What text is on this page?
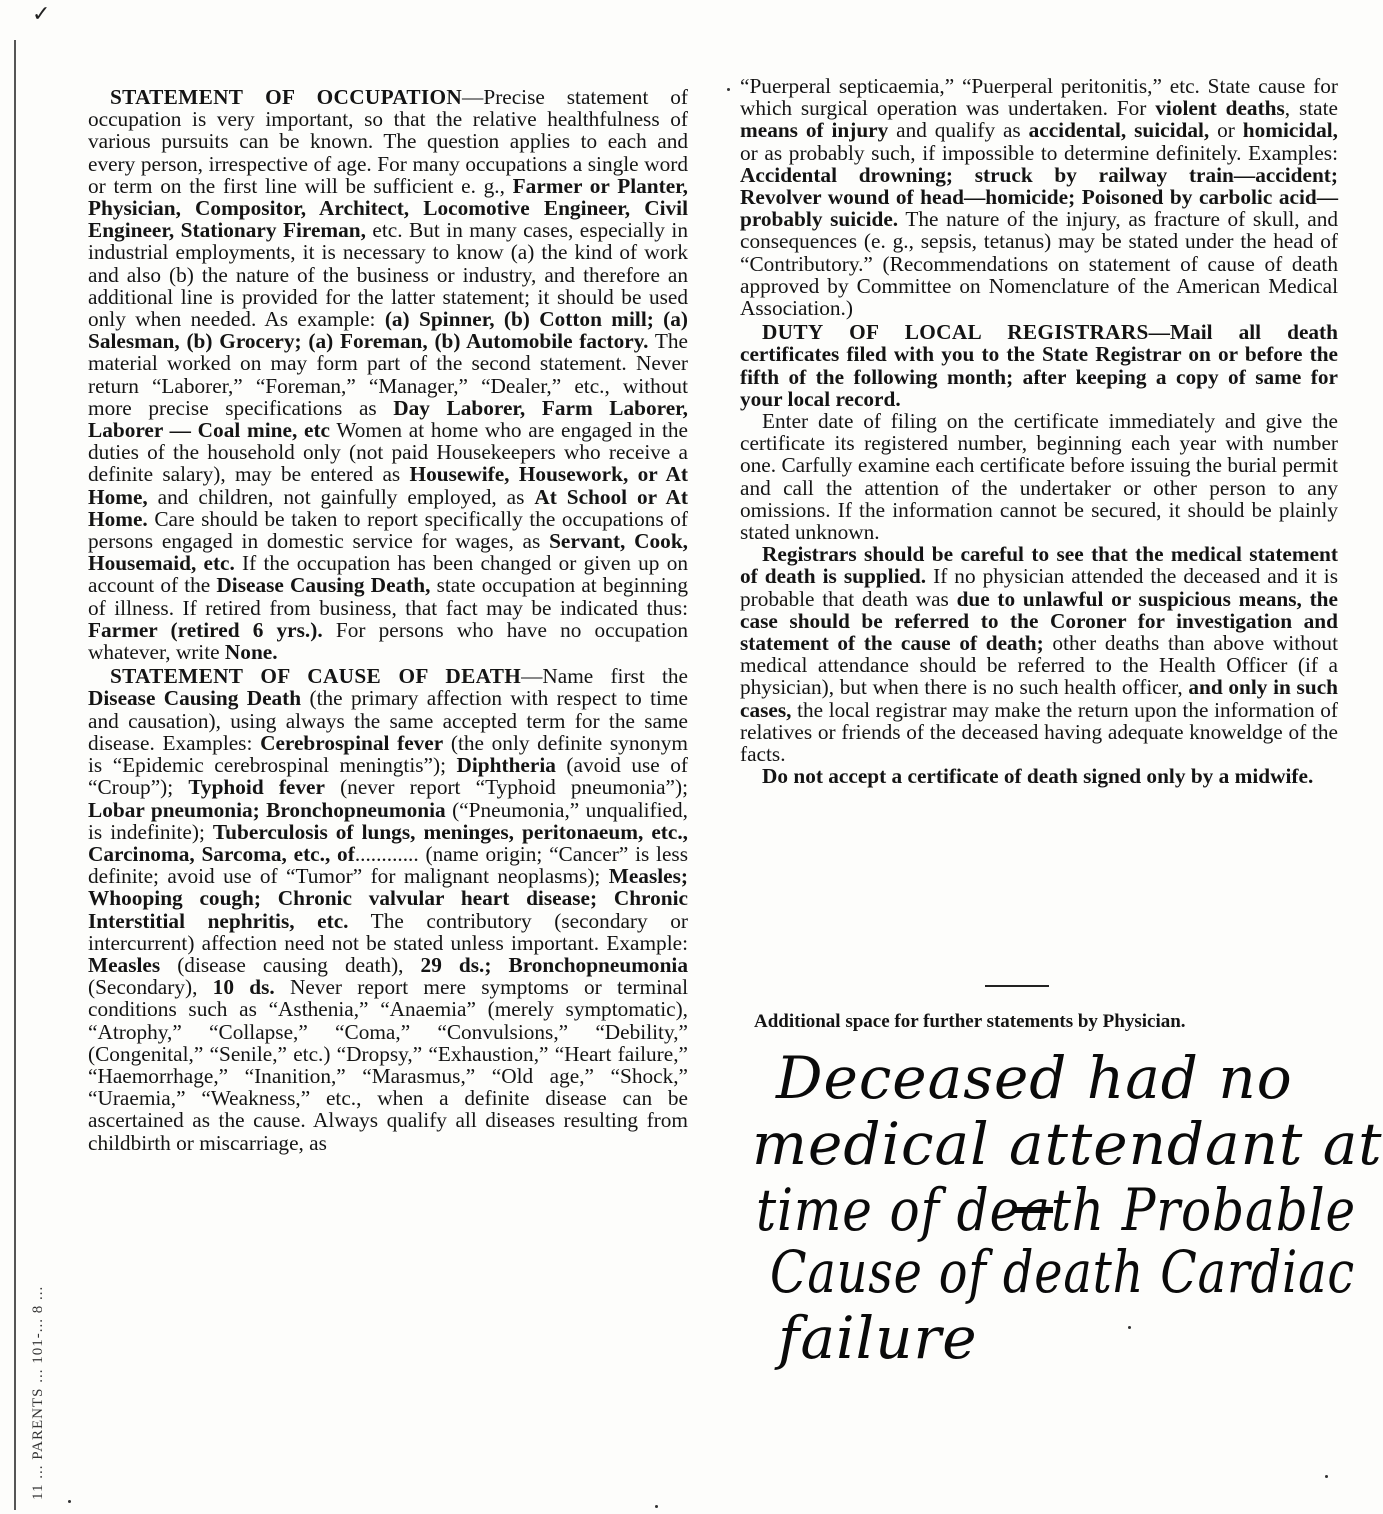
11 ... PARENTS ... 101-... 8 ...
✓

STATEMENT OF OCCUPATION—Precise statement of occupation is very important, so that the relative healthfulness of various pursuits can be known. The question applies to each and every person, irrespective of age. For many occupations a single word or term on the first line will be sufficient e. g., Farmer or Planter, Physician, Compositor, Architect, Locomotive Engineer, Civil Engineer, Stationary Fireman, etc. But in many cases, especially in industrial employments, it is necessary to know (a) the kind of work and also (b) the nature of the business or industry, and therefore an additional line is provided for the latter statement; it should be used only when needed. As example: (a) Spinner, (b) Cotton mill; (a) Salesman, (b) Grocery; (a) Foreman, (b) Automobile factory. The material worked on may form part of the second statement. Never return “Laborer,” “Foreman,” “Manager,” “Dealer,” etc., without more precise specifications as Day Laborer, Farm Laborer, Laborer — Coal mine, etc Women at home who are engaged in the duties of the household only (not paid Housekeepers who receive a definite salary), may be entered as Housewife, Housework, or At Home, and children, not gainfully employed, as At School or At Home. Care should be taken to report specifically the occupations of persons engaged in domestic service for wages, as Servant, Cook, Housemaid, etc. If the occupation has been changed or given up on account of the Disease Causing Death, state occupation at beginning of illness. If retired from business, that fact may be indicated thus: Farmer (retired 6 yrs.). For persons who have no occupation whatever, write None.

STATEMENT OF CAUSE OF DEATH—Name first the Disease Causing Death (the primary affection with respect to time and causation), using always the same accepted term for the same disease. Examples: Cerebrospinal fever (the only definite synonym is “Epidemic cerebrospinal meningtis”); Diphtheria (avoid use of “Croup”); Typhoid fever (never report “Typhoid pneumonia”); Lobar pneumonia; Bronchopneumonia (“Pneumonia,” unqualified, is indefinite); Tuberculosis of lungs, meninges, peritonaeum, etc., Carcinoma, Sarcoma, etc., of............ (name origin; “Cancer” is less definite; avoid use of “Tumor” for malignant neoplasms); Measles; Whooping cough; Chronic valvular heart disease; Chronic Interstitial nephritis, etc. The contributory (secondary or intercurrent) affection need not be stated unless important. Example: Measles (disease causing death), 29 ds.; Bronchopneumonia (Secondary), 10 ds. Never report mere symptoms or terminal conditions such as “Asthenia,” “Anaemia” (merely symptomatic), “Atrophy,” “Collapse,” “Coma,” “Convulsions,” “Debility,” (Congenital,” “Senile,” etc.) “Dropsy,” “Exhaustion,” “Heart failure,” “Haemorrhage,” “Inanition,” “Marasmus,” “Old age,” “Shock,” “Uraemia,” “Weakness,” etc., when a definite disease can be ascertained as the cause. Always qualify all diseases resulting from childbirth or miscarriage, as

“Puerperal septicaemia,” “Puerperal peritonitis,” etc. State cause for which surgical operation was undertaken. For violent deaths, state means of injury and qualify as accidental, suicidal, or homicidal, or as probably such, if impossible to determine definitely. Examples: Accidental drowning; struck by railway train—accident; Revolver wound of head—homicide; Poisoned by carbolic acid—probably suicide. The nature of the injury, as fracture of skull, and consequences (e. g., sepsis, tetanus) may be stated under the head of “Contributory.” (Recommendations on statement of cause of death approved by Committee on Nomenclature of the American Medical Association.)

DUTY OF LOCAL REGISTRARS—Mail all death certificates filed with you to the State Registrar on or before the fifth of the following month; after keeping a copy of same for your local record.

Enter date of filing on the certificate immediately and give the certificate its registered number, beginning each year with number one. Carfully examine each certificate before issuing the burial permit and call the attention of the undertaker or other person to any omissions. If the information cannot be secured, it should be plainly stated unknown.

Registrars should be careful to see that the medical statement of death is supplied. If no physician attended the deceased and it is probable that death was due to unlawful or suspicious means, the case should be referred to the Coroner for investigation and statement of the cause of death; other deaths than above without medical attendance should be referred to the Health Officer (if a physician), but when there is no such health officer, and only in such cases, the local registrar may make the return upon the information of relatives or friends of the deceased having adequate knoweldge of the facts.

Do not accept a certificate of death signed only by a midwife.

Additional space for further statements by Physician.
Deceased had no
medical attendant at
time of death Probable
Cause of death Cardiac
failure
